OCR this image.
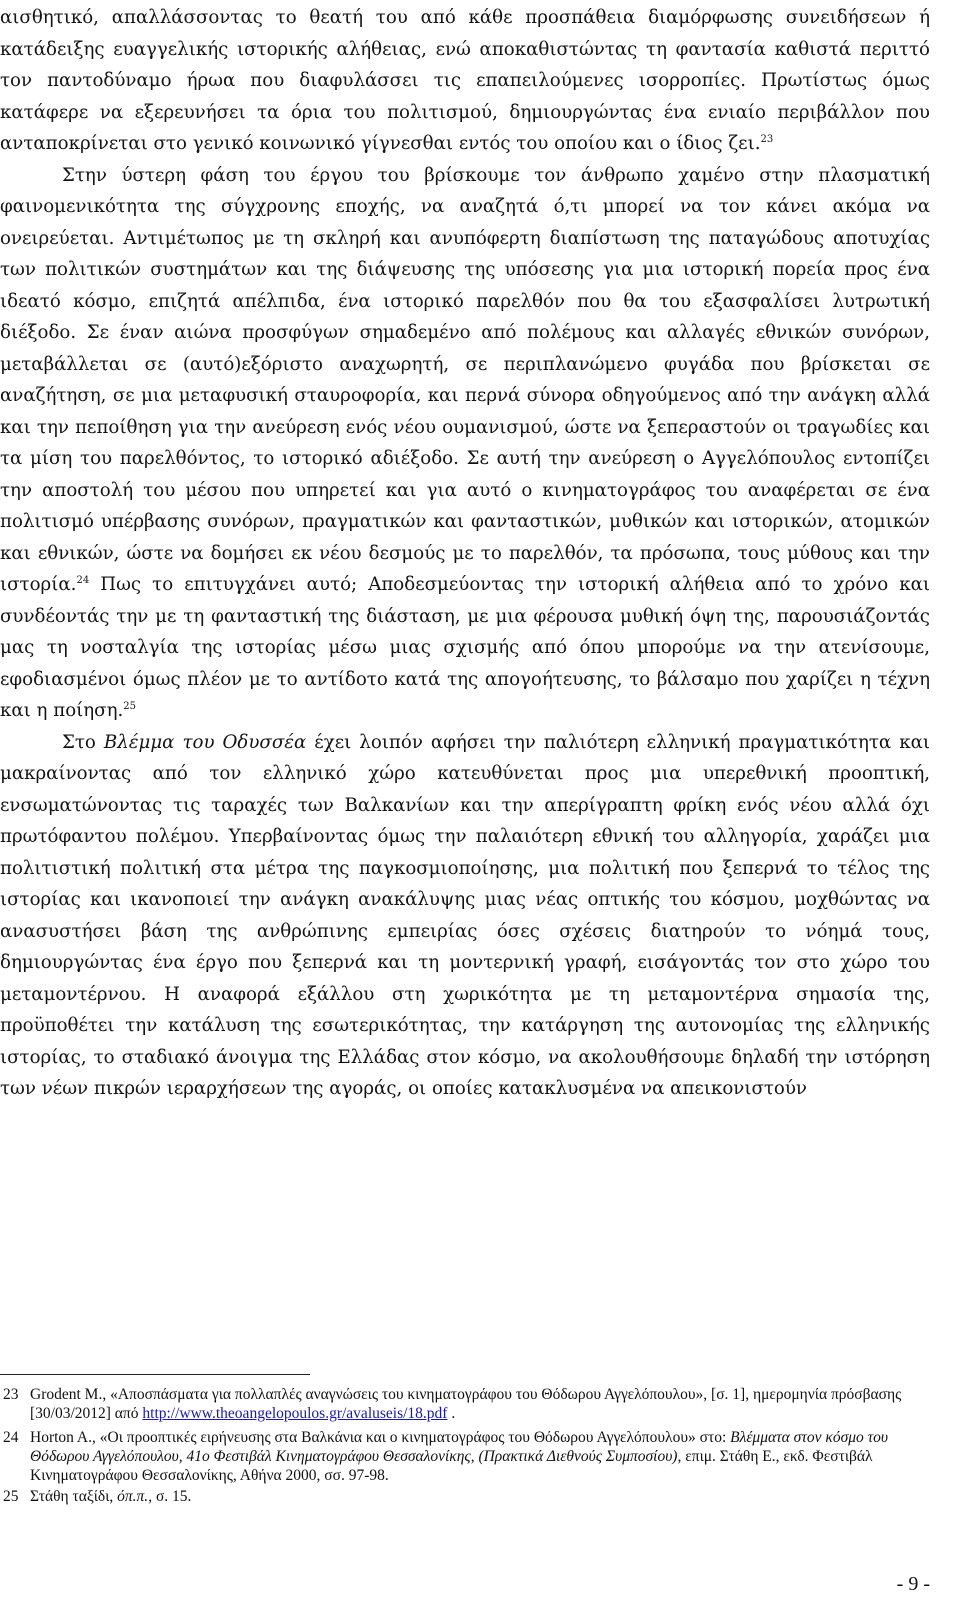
αισθητικό, απαλλάσσοντας το θεατή του από κάθε προσπάθεια διαμόρφωσης συνειδήσεων ή κατάδειξης ευαγγελικής ιστορικής αλήθειας, ενώ αποκαθιστώντας τη φαντασία καθιστά περιττό τον παντοδύναμο ήρωα που διαφυλάσσει τις επαπειλούμενες ισορροπίες. Πρωτίστως όμως κατάφερε να εξερευνήσει τα όρια του πολιτισμού, δημιουργώντας ένα ενιαίο περιβάλλον που ανταποκρίνεται στο γενικό κοινωνικό γίγνεσθαι εντός του οποίου και ο ίδιος ζει.$^{23}$

Στην ύστερη φάση του έργου του βρίσκουμε τον άνθρωπο χαμένο στην πλασματική φαινομενικότητα της σύγχρονης εποχής, να αναζητά ό,τι μπορεί να τον κάνει ακόμα να ονειρεύεται. Αντιμέτωπος με τη σκληρή και ανυπόφερτη διαπίστωση της παταγώδους αποτυχίας των πολιτικών συστημάτων και της διάψευσης της υπόσεσης για μια ιστορική πορεία προς ένα ιδεατό κόσμο, επιζητά απέλπιδα, ένα ιστορικό παρελθόν που θα του εξασφαλίσει λυτρωτική διέξοδο. Σε έναν αιώνα προσφύγων σημαδεμένο από πολέμους και αλλαγές εθνικών συνόρων, μεταβάλλεται σε (αυτό)εξόριστο αναχωρητή, σε περιπλανώμενο φυγάδα που βρίσκεται σε αναζήτηση, σε μια μεταφυσική σταυροφορία, και περνά σύνορα οδηγούμενος από την ανάγκη αλλά και την πεποίθηση για την ανεύρεση ενός νέου ουμανισμού, ώστε να ξεπεραστούν οι τραγωδίες και τα μίση του παρελθόντος, το ιστορικό αδιέξοδο. Σε αυτή την ανεύρεση ο Αγγελόπουλος εντοπίζει την αποστολή του μέσου που υπηρετεί και για αυτό ο κινηματογράφος του αναφέρεται σε ένα πολιτισμό υπέρβασης συνόρων, πραγματικών και φανταστικών, μυθικών και ιστορικών, ατομικών και εθνικών, ώστε να δομήσει εκ νέου δεσμούς με το παρελθόν, τα πρόσωπα, τους μύθους και την ιστορία.$^{24}$ Πως το επιτυγχάνει αυτό; Αποδεσμεύοντας την ιστορική αλήθεια από το χρόνο και συνδέοντάς την με τη φανταστική της διάσταση, με μια φέρουσα μυθική όψη της, παρουσιάζοντάς μας τη νοσταλγία της ιστορίας μέσω μιας σχισμής από όπου μπορούμε να την ατενίσουμε, εφοδιασμένοι όμως πλέον με το αντίδοτο κατά της απογοήτευσης, το βάλσαμο που χαρίζει η τέχνη και η ποίηση.$^{25}$

Στο Βλέμμα του Οδυσσέα έχει λοιπόν αφήσει την παλιότερη ελληνική πραγματικότητα και μακραίνοντας από τον ελληνικό χώρο κατευθύνεται προς μια υπερεθνική προοπτική, ενσωματώνοντας τις ταραχές των Βαλκανίων και την απερίγραπτη φρίκη ενός νέου αλλά όχι πρωτόφαντου πολέμου. Υπερβαίνοντας όμως την παλαιότερη εθνική του αλληγορία, χαράζει μια πολιτιστική πολιτική στα μέτρα της παγκοσμιοποίησης, μια πολιτική που ξεπερνά το τέλος της ιστορίας και ικανοποιεί την ανάγκη ανακάλυψης μιας νέας οπτικής του κόσμου, μοχθώντας να ανασυστήσει βάση της ανθρώπινης εμπειρίας όσες σχέσεις διατηρούν το νόημά τους, δημιουργώντας ένα έργο που ξεπερνά και τη μοντερνική γραφή, εισάγοντάς τον στο χώρο του μεταμοντέρνου. Η αναφορά εξάλλου στη χωρικότητα με τη μεταμοντέρνα σημασία της, προϋποθέτει την κατάλυση της εσωτερικότητας, την κατάργηση της αυτονομίας της ελληνικής ιστορίας, το σταδιακό άνοιγμα της Ελλάδας στον κόσμο, να ακολουθήσουμε δηλαδή την ιστόρηση των νέων πικρών ιεραρχήσεων της αγοράς, οι οποίες κατακλυσμένα να απεικονιστούν

23 Grodent M., «Αποσπάσματα για πολλαπλές αναγνώσεις του κινηματογράφου του Θόδωρου Αγγελόπουλου», [σ. 1], ημερομηνία πρόσβασης [30/03/2012] από http://www.theoangelopoulos.gr/avaluseis/18.pdf .
24 Horton A., «Οι προοπτικές ειρήνευσης στα Βαλκάνια και ο κινηματογράφος του Θόδωρου Αγγελόπουλου» στο: Βλέμματα στον κόσμο του Θόδωρου Αγγελόπουλου, 41ο Φεστιβάλ Κινηματογράφου Θεσσαλονίκης, (Πρακτικά Διεθνούς Συμποσίου), επιμ. Στάθη Ε., εκδ. Φεστιβάλ Κινηματογράφου Θεσσαλονίκης, Αθήνα 2000, σσ. 97-98.
25 Στάθη ταξίδι, όπ.π., σ. 15.
- 9 -
